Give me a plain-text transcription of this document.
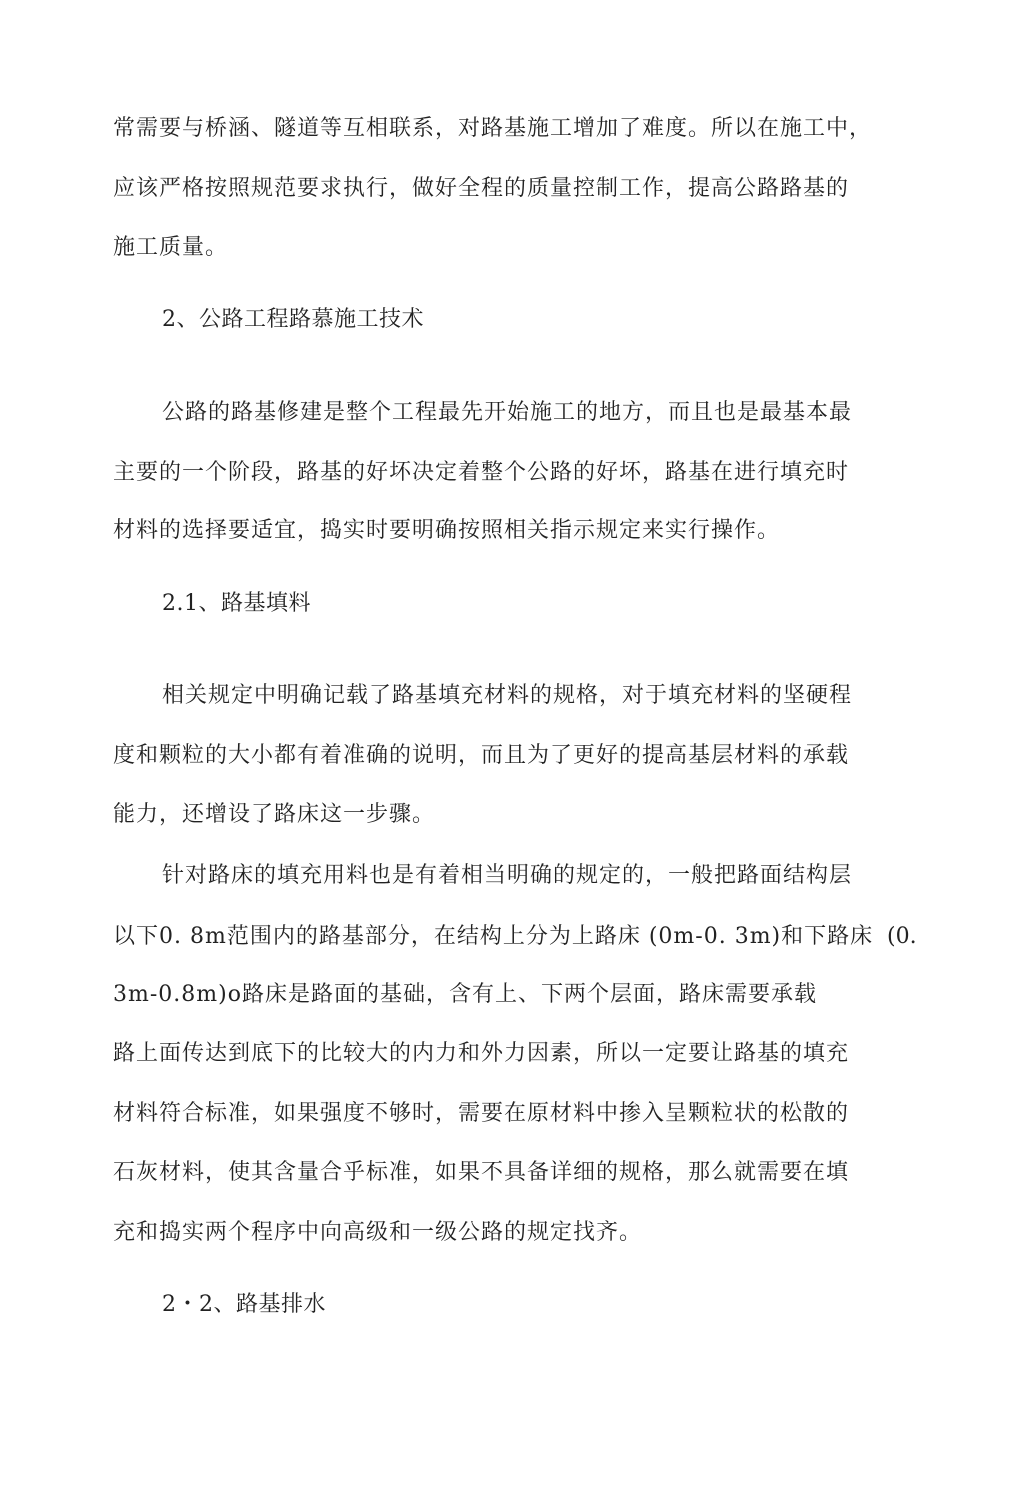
常需要与桥涵、隧道等互相联系，对路基施工增加了难度。所以在施工中，
应该严格按照规范要求执行，做好全程的质量控制工作，提高公路路基的
施工质量。
2、公路工程路慕施工技术
公路的路基修建是整个工程最先开始施工的地方，而且也是最基本最
主要的一个阶段，路基的好坏决定着整个公路的好坏，路基在进行填充时
材料的选择要适宜，捣实时要明确按照相关指示规定来实行操作。
2.1、路基填料
相关规定中明确记载了路基填充材料的规格，对于填充材料的坚硬程
度和颗粒的大小都有着准确的说明，而且为了更好的提高基层材料的承载
能力，还增设了路床这一步骤。
针对路床的填充用料也是有着相当明确的规定的，一般把路面结构层
以下0. 8m范围内的路基部分，在结构上分为上路床 (0m-0. 3m)和下路床 (0.
3m-0.8m)o路床是路面的基础，含有上、下两个层面，路床需要承载
路上面传达到底下的比较大的内力和外力因素，所以一定要让路基的填充
材料符合标准，如果强度不够时，需要在原材料中掺入呈颗粒状的松散的
石灰材料，使其含量合乎标准，如果不具备详细的规格，那么就需要在填
充和捣实两个程序中向高级和一级公路的规定找齐。
2・2、路基排水
